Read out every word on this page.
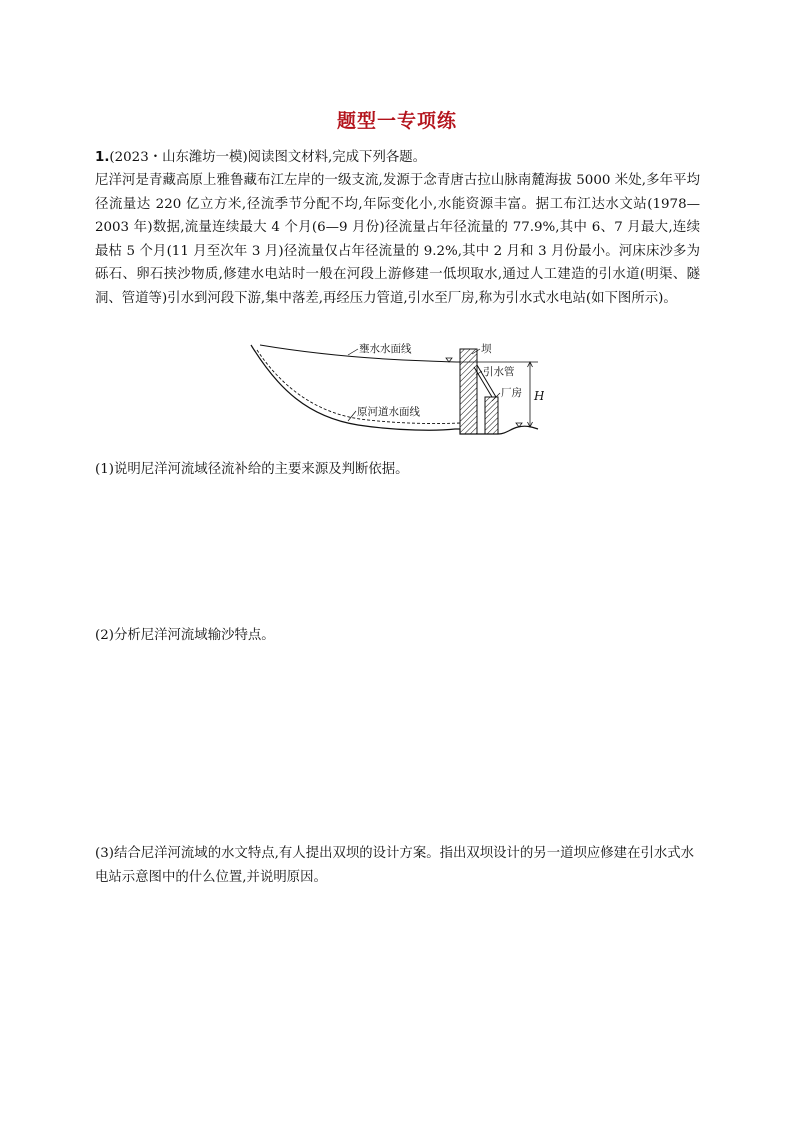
题型一专项练
1.(2023・山东潍坊一模)阅读图文材料,完成下列各题。
尼洋河是青藏高原上雅鲁藏布江左岸的一级支流,发源于念青唐古拉山脉南麓海拔 5000 米处,多年平均径流量达 220 亿立方米,径流季节分配不均,年际变化小,水能资源丰富。据工布江达水文站(1978—2003 年)数据,流量连续最大 4 个月(6—9 月份)径流量占年径流量的 77.9%,其中 6、7 月最大,连续最枯 5 个月(11 月至次年 3 月)径流量仅占年径流量的 9.2%,其中 2 月和 3 月份最小。河床床沙多为砾石、卵石挟沙物质,修建水电站时一般在河段上游修建一低坝取水,通过人工建造的引水道(明渠、隧洞、管道等)引水到河段下游,集中落差,再经压力管道,引水至厂房,称为引水式水电站(如下图所示)。
壅水水面线	坝
引水管
厂房 H
原河道水面线
(1)说明尼洋河流域径流补给的主要来源及判断依据。
(2)分析尼洋河流域输沙特点。
(3)结合尼洋河流域的水文特点,有人提出双坝的设计方案。指出双坝设计的另一道坝应修建在引水式水电站示意图中的什么位置,并说明原因。
